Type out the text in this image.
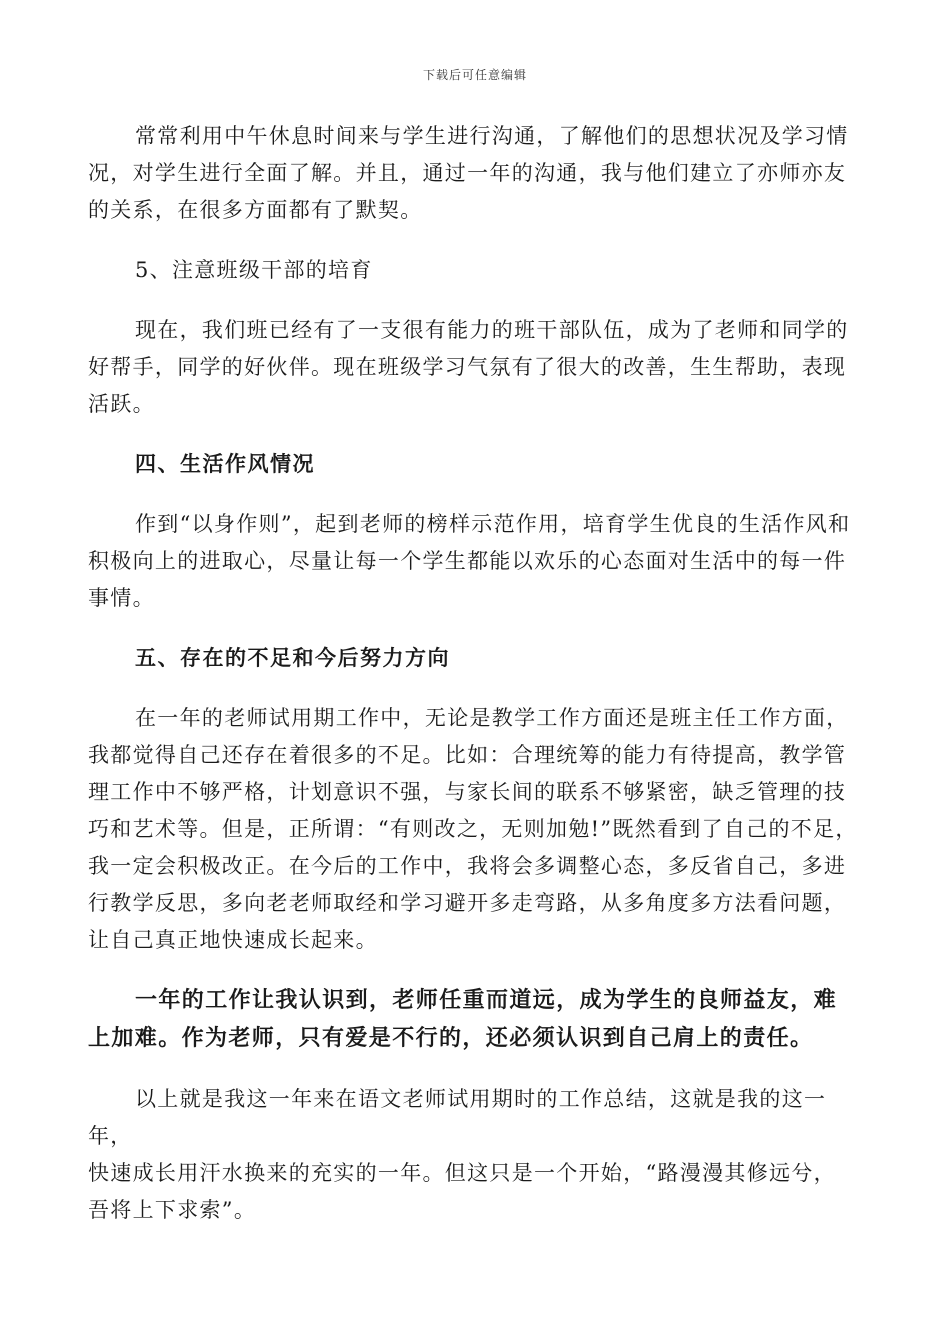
下载后可任意编辑

常常利用中午休息时间来与学生进行沟通，了解他们的思想状况及学习情况，对学生进行全面了解。并且，通过一年的沟通，我与他们建立了亦师亦友的关系，在很多方面都有了默契。

5、注意班级干部的培育

现在，我们班已经有了一支很有能力的班干部队伍，成为了老师和同学的好帮手，同学的好伙伴。现在班级学习气氛有了很大的改善，生生帮助，表现活跃。

四、生活作风情况

作到“以身作则”，起到老师的榜样示范作用，培育学生优良的生活作风和积极向上的进取心，尽量让每一个学生都能以欢乐的心态面对生活中的每一件事情。

五、存在的不足和今后努力方向

在一年的老师试用期工作中，无论是教学工作方面还是班主任工作方面，

我都觉得自己还存在着很多的不足。比如：合理统筹的能力有待提高，教学管

理工作中不够严格，计划意识不强，与家长间的联系不够紧密，缺乏管理的技

巧和艺术等。但是，正所谓：“有则改之，无则加勉!”既然看到了自己的不足，

我一定会积极改正。在今后的工作中，我将会多调整心态，多反省自己，多进

行教学反思，多向老老师取经和学习避开多走弯路，从多角度多方法看问题，

让自己真正地快速成长起来。

一年的工作让我认识到，老师任重而道远，成为学生的良师益友，难上加难。作为老师，只有爱是不行的，还必须认识到自己肩上的责任。

以上就是我这一年来在语文老师试用期时的工作总结，这就是我的这一年，

快速成长用汗水换来的充实的一年。但这只是一个开始，“路漫漫其修远兮，

吾将上下求索”。
